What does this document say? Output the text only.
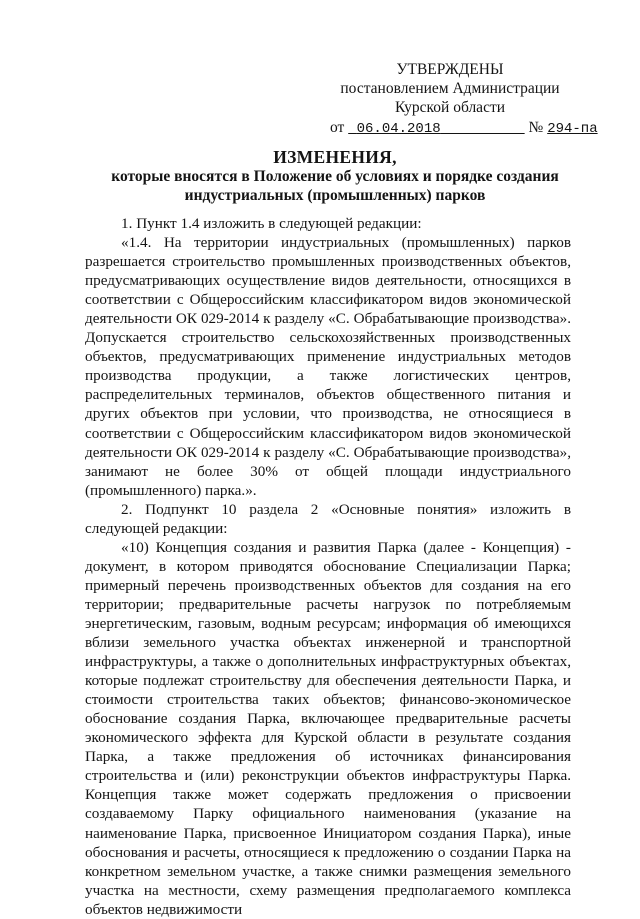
УТВЕРЖДЕНЫ
постановлением Администрации
Курской области
от 06.04.2018	№ 294-па
ИЗМЕНЕНИЯ,
которые вносятся в Положение об условиях и порядке создания
индустриальных (промышленных) парков

1. Пункт 1.4 изложить в следующей редакции:

«1.4. На территории индустриальных (промышленных) парков разрешается строительство промышленных производственных объектов, предусматривающих осуществление видов деятельности, относящихся в соответствии с Общероссийским классификатором видов экономической деятельности ОК 029-2014 к разделу «С. Обрабатывающие производства». Допускается строительство сельскохозяйственных производственных объектов, предусматривающих применение индустриальных методов производства продукции, а также логистических центров, распределительных терминалов, объектов общественного питания и других объектов при условии, что производства, не относящиеся в соответствии с Общероссийским классификатором видов экономической деятельности ОК 029-2014 к разделу «С. Обрабатывающие производства», занимают не более 30% от общей площади индустриального (промышленного) парка.».

2. Подпункт 10 раздела 2 «Основные понятия» изложить в следующей редакции:

«10) Концепция создания и развития Парка (далее - Концепция) - документ, в котором приводятся обоснование Специализации Парка; примерный перечень производственных объектов для создания на его территории; предварительные расчеты нагрузок по потребляемым энергетическим, газовым, водным ресурсам; информация об имеющихся вблизи земельного участка объектах инженерной и транспортной инфраструктуры, а также о дополнительных инфраструктурных объектах, которые подлежат строительству для обеспечения деятельности Парка, и стоимости строительства таких объектов; финансово-экономическое обоснование создания Парка, включающее предварительные расчеты экономического эффекта для Курской области в результате создания Парка, а также предложения об источниках финансирования строительства и (или) реконструкции объектов инфраструктуры Парка. Концепция также может содержать предложения о присвоении создаваемому Парку официального наименования (указание на наименование Парка, присвоенное Инициатором создания Парка), иные обоснования и расчеты, относящиеся к предложению о создании Парка на конкретном земельном участке, а также снимки размещения земельного участка на местности, схему размещения предполагаемого комплекса объектов недвижимости
